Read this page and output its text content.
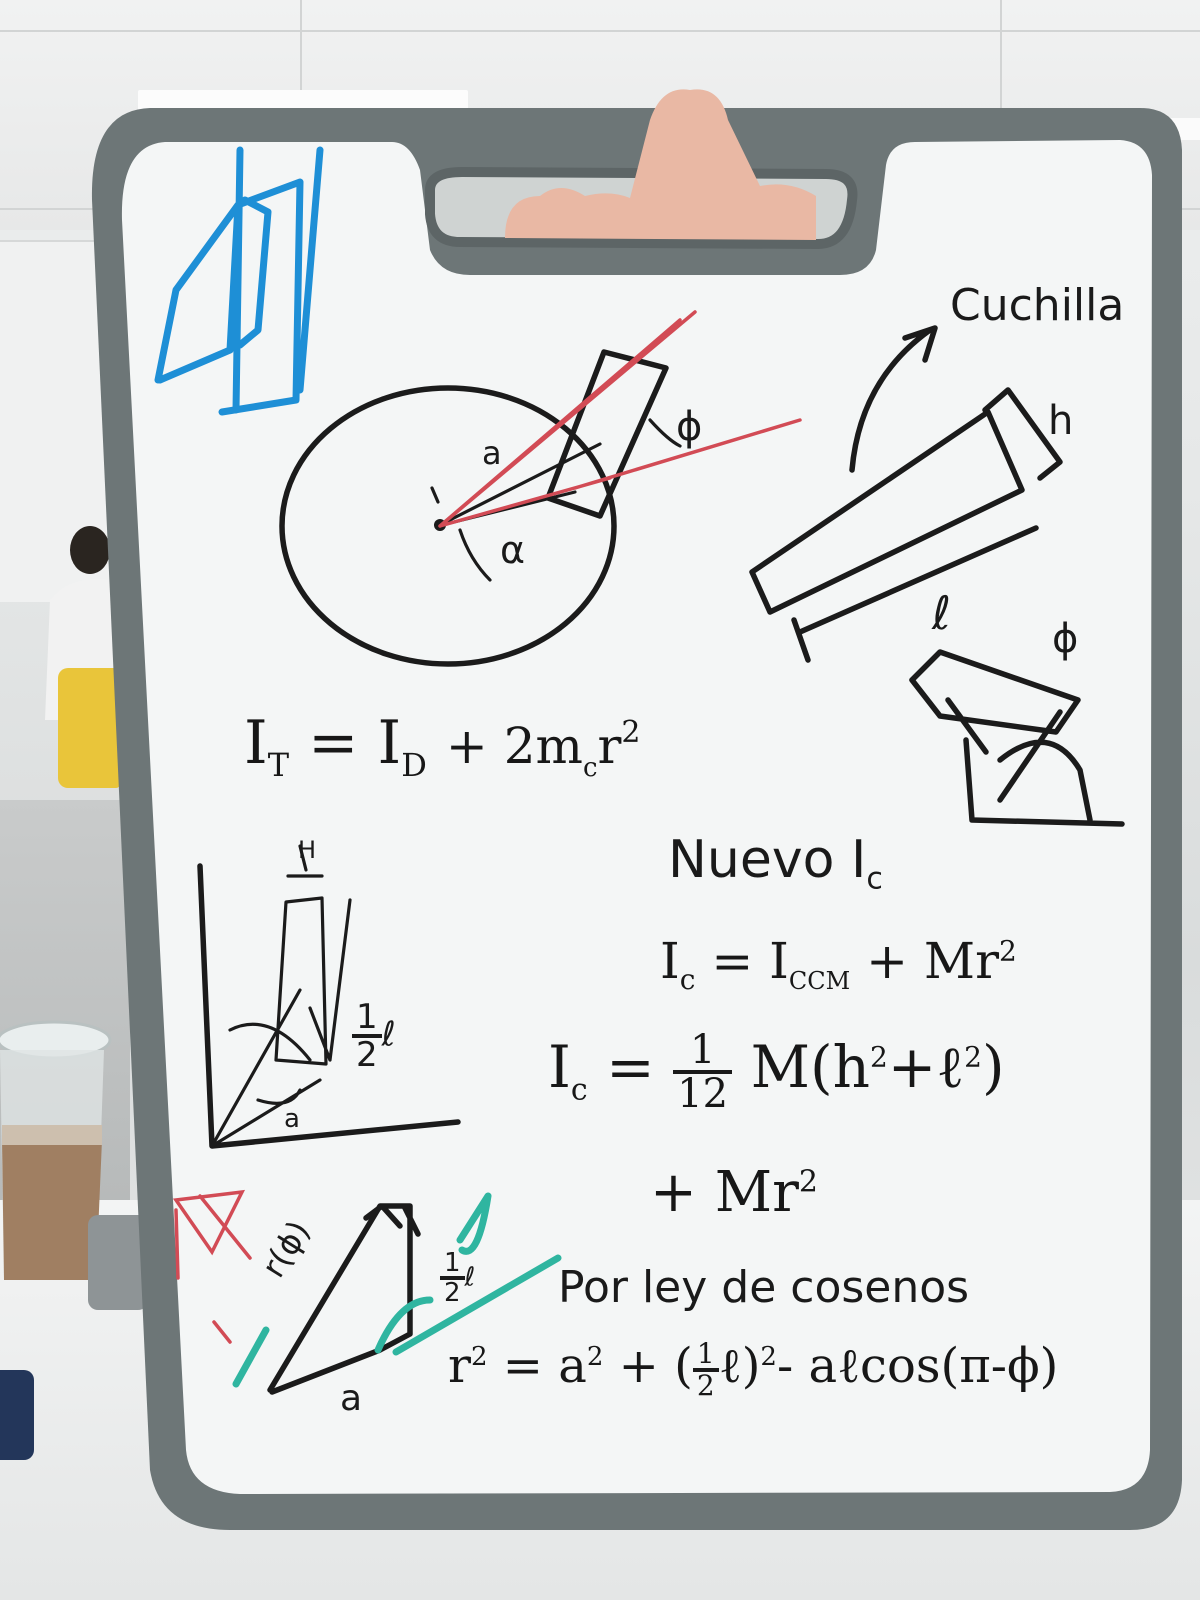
Cuchilla
h
ℓ	ϕ
ϕ
a
α
H
$\frac{1}{2}$ ℓ
a
r(ϕ)
a
$\frac{1}{2}$ ℓ
$I_T = I_D + 2m_cr^2$
Nuevo $I_c$
$I_c = I_{CCM} + Mr^2$
$I_c = \frac{1}{12}$ $M(h^2+\ell^2)$
+ $Mr^2$
Por ley de cosenos
$r^2 = a^2$ + ( $\frac{1}{2}$ ℓ)$^2$- aℓcos(π-ϕ)
